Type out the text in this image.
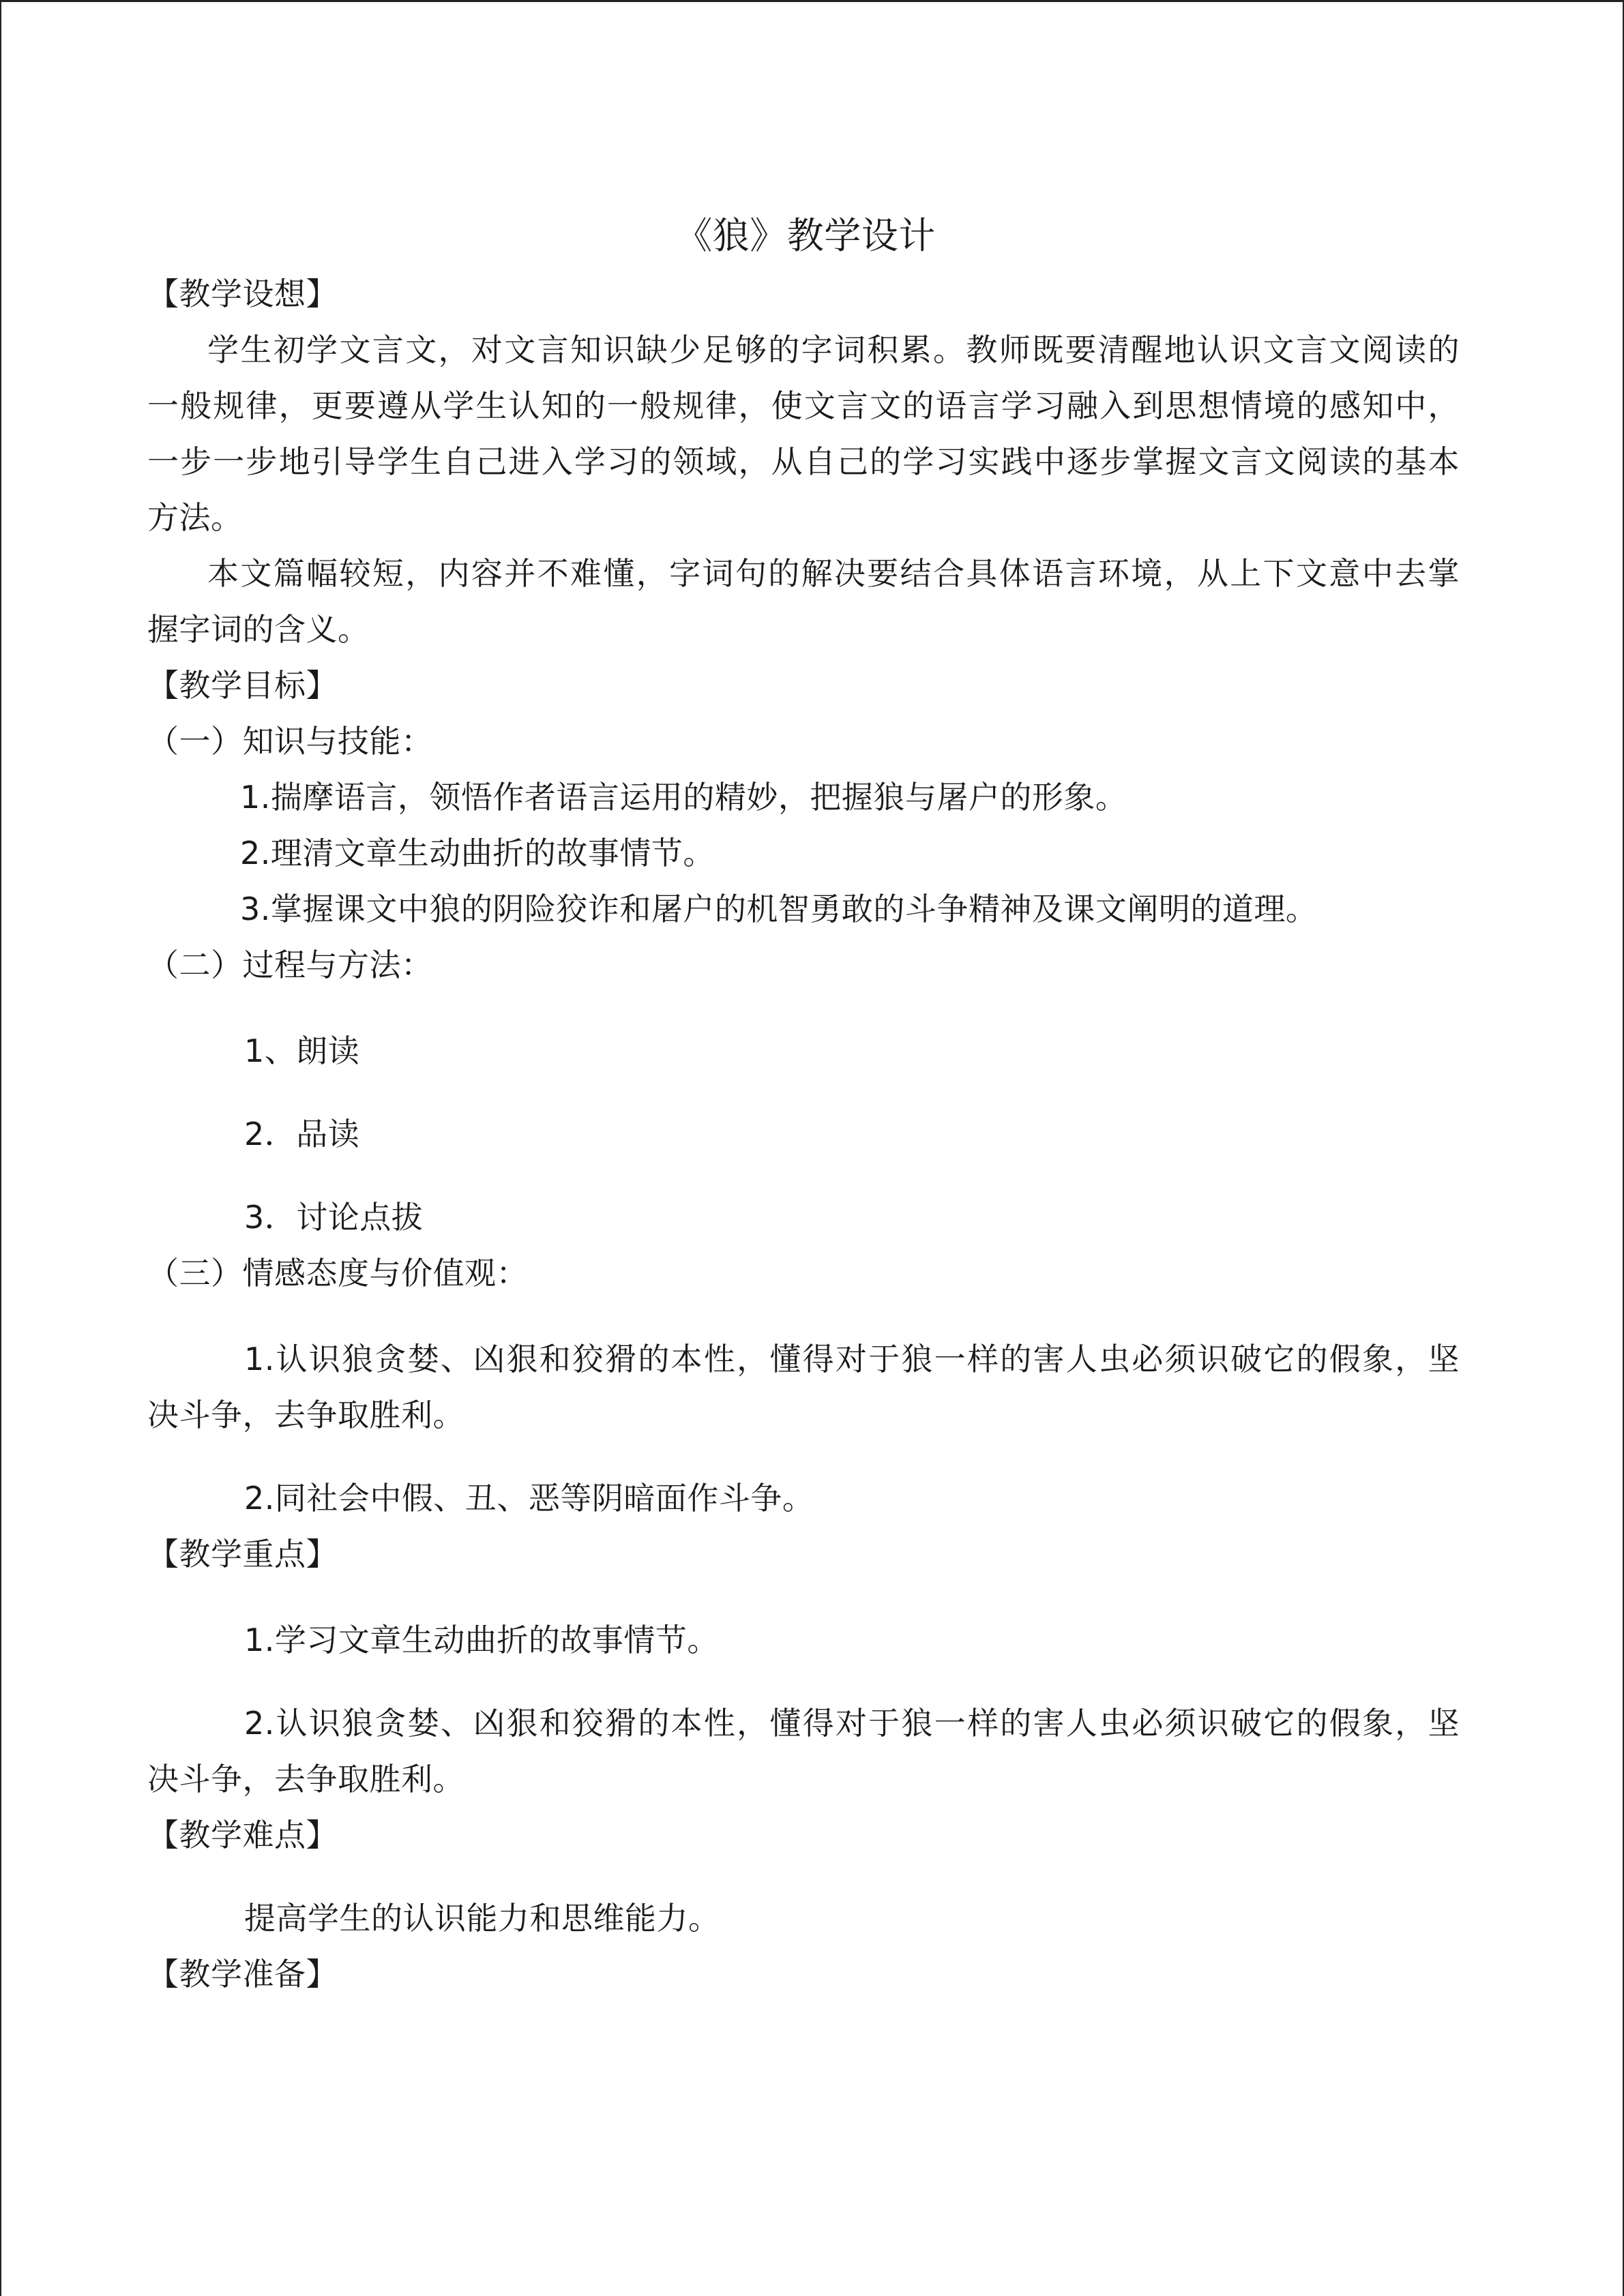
《狼》教学设计
【教学设想】
学生初学文言文，对文言知识缺少足够的字词积累。教师既要清醒地认识文言文阅读的
一般规律，更要遵从学生认知的一般规律，使文言文的语言学习融入到思想情境的感知中，
一步一步地引导学生自己进入学习的领域，从自己的学习实践中逐步掌握文言文阅读的基本
方法。
本文篇幅较短，内容并不难懂，字词句的解决要结合具体语言环境，从上下文意中去掌
握字词的含义。
【教学目标】
（一）知识与技能：
1.揣摩语言，领悟作者语言运用的精妙，把握狼与屠户的形象。
2.理清文章生动曲折的故事情节。
3.掌握课文中狼的阴险狡诈和屠户的机智勇敢的斗争精神及课文阐明的道理。
（二）过程与方法：
1、朗读
2．品读
3．讨论点拔
（三）情感态度与价值观：
1.认识狼贪婪、凶狠和狡猾的本性，懂得对于狼一样的害人虫必须识破它的假象，坚
决斗争，去争取胜利。
2.同社会中假、丑、恶等阴暗面作斗争。
【教学重点】
1.学习文章生动曲折的故事情节。
2.认识狼贪婪、凶狠和狡猾的本性，懂得对于狼一样的害人虫必须识破它的假象，坚
决斗争，去争取胜利。
【教学难点】
提高学生的认识能力和思维能力。
【教学准备】
